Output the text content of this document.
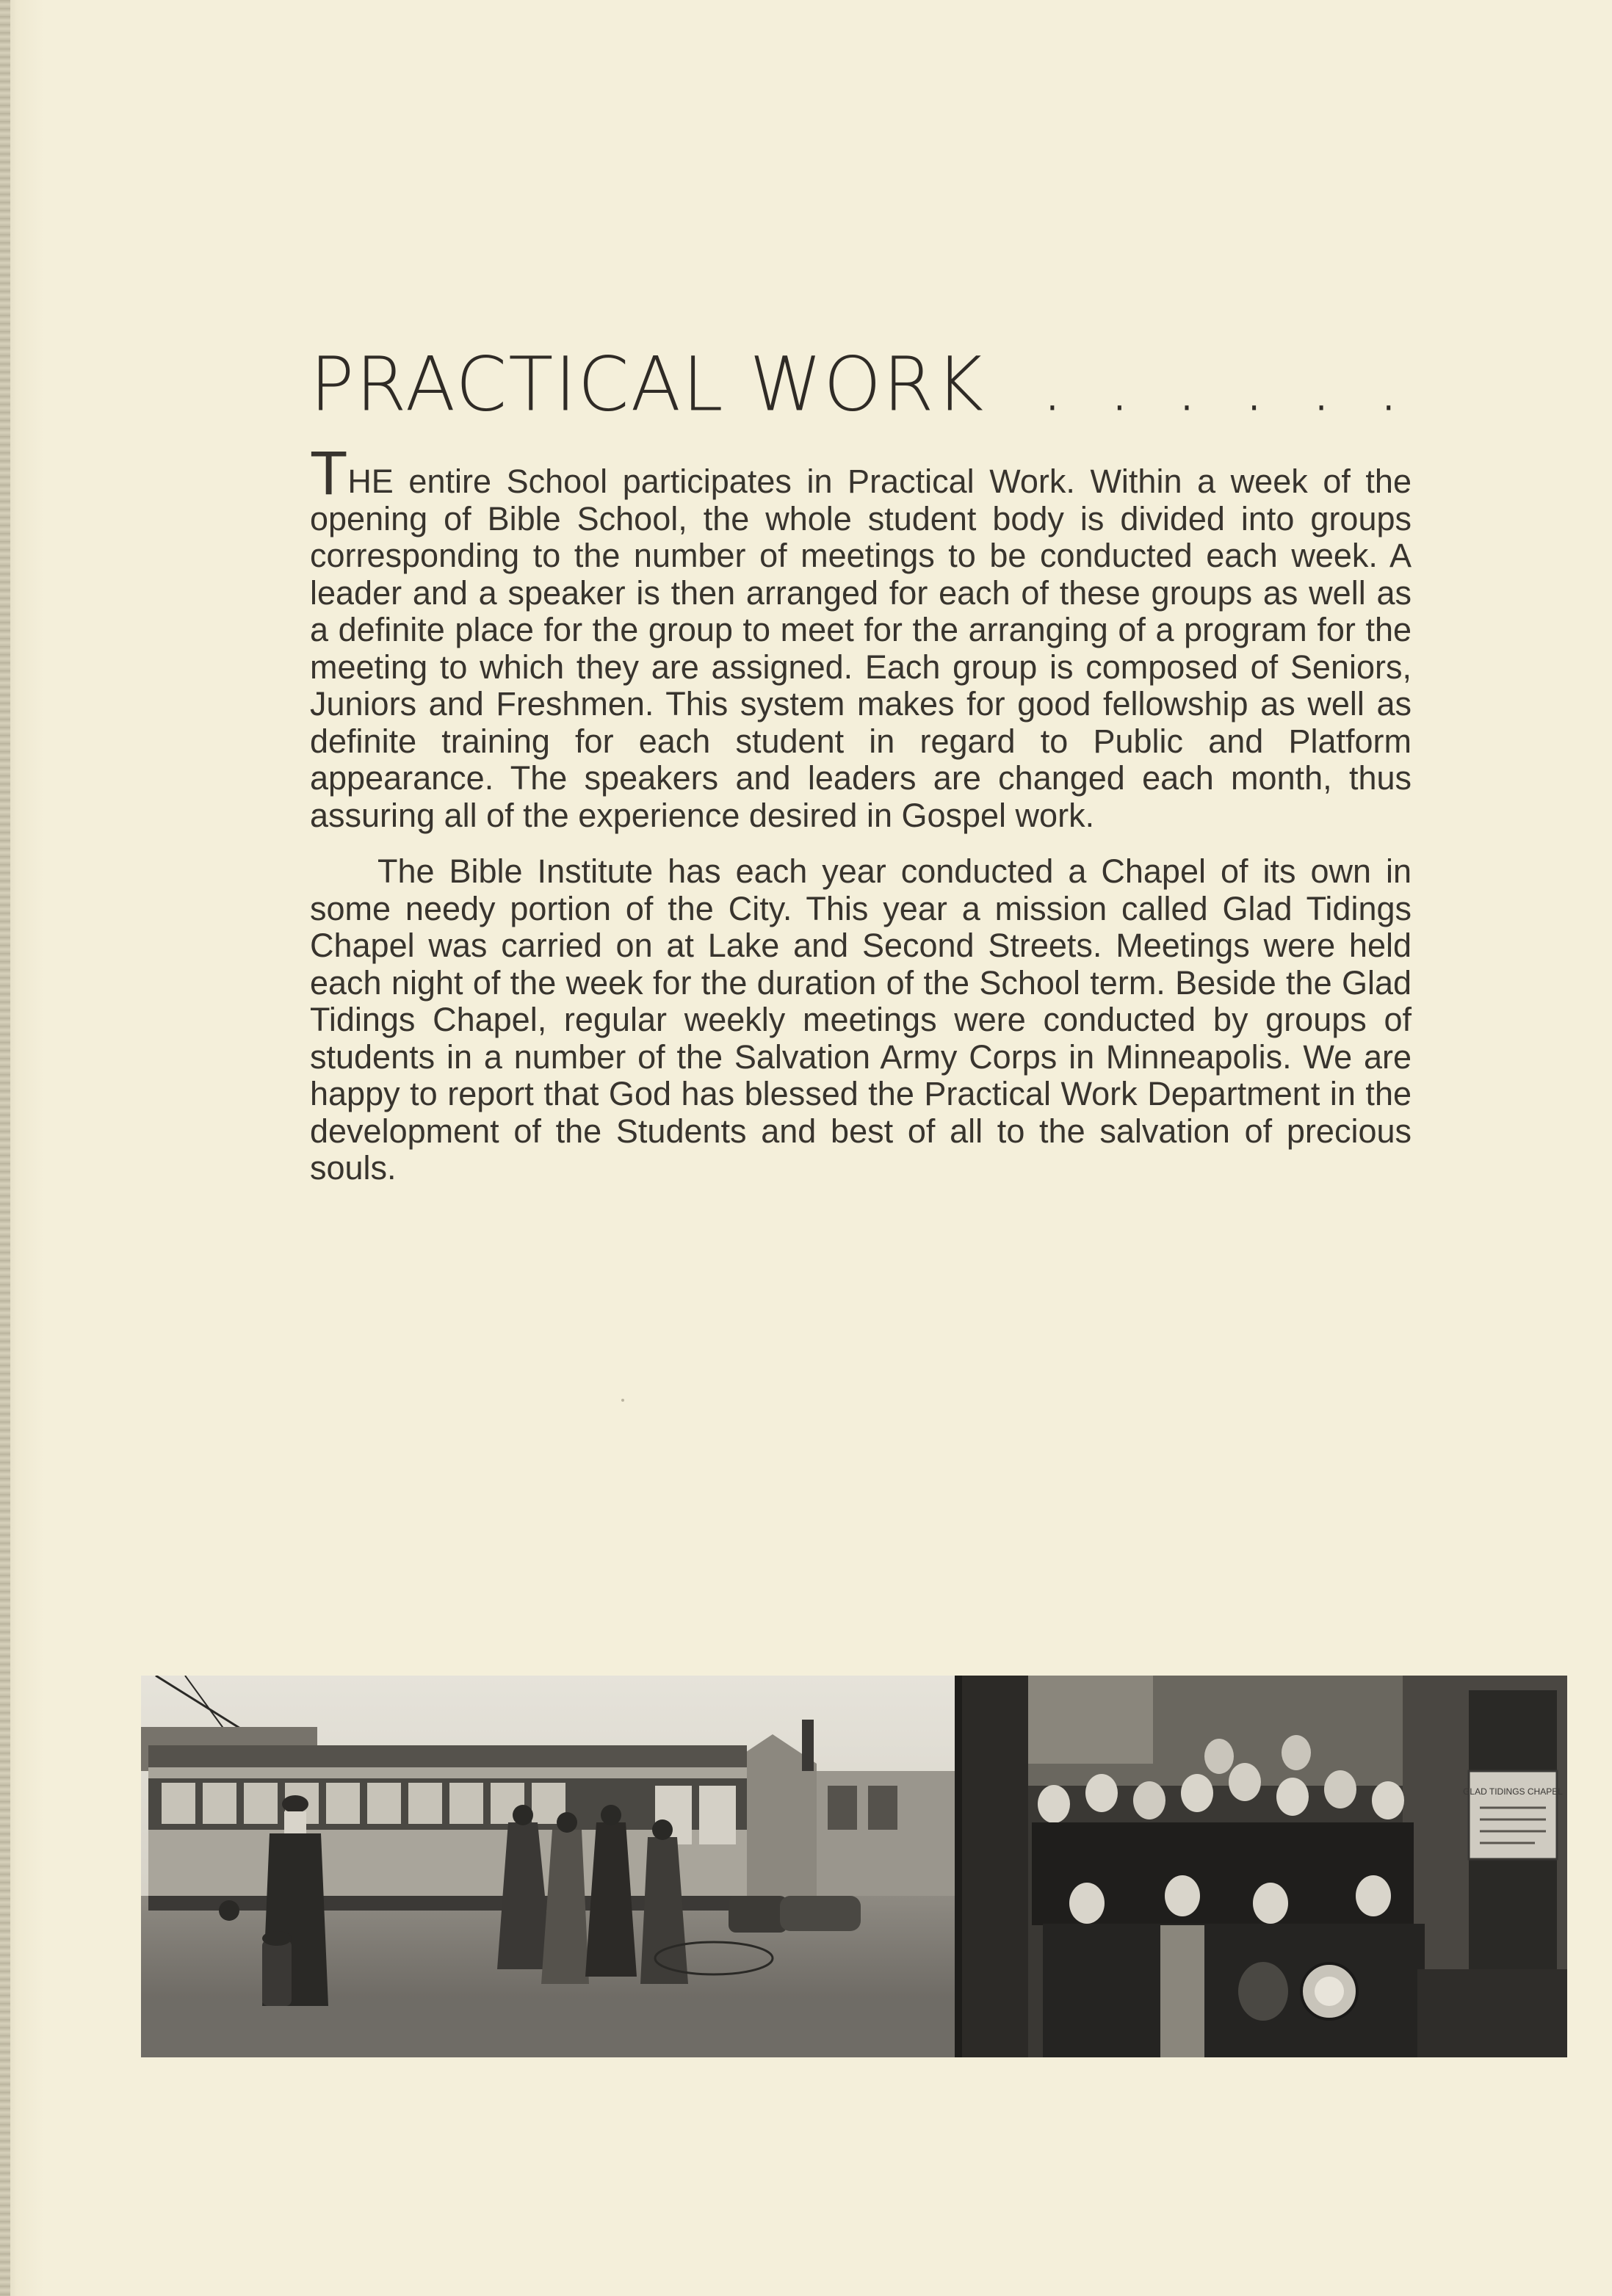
PRACTICAL WORK . . . . . .

THE entire School participates in Practical Work. Within a week of the opening of Bible School, the whole student body is divided into groups corresponding to the number of meetings to be conducted each week. A leader and a speaker is then arranged for each of these groups as well as a definite place for the group to meet for the arranging of a program for the meeting to which they are assigned. Each group is composed of Seniors, Juniors and Freshmen. This system makes for good fellowship as well as definite training for each student in regard to Public and Platform appearance. The speakers and leaders are changed each month, thus assuring all of the experience desired in Gospel work.

The Bible Institute has each year conducted a Chapel of its own in some needy portion of the City. This year a mission called Glad Tidings Chapel was carried on at Lake and Second Streets. Meetings were held each night of the week for the duration of the School term. Beside the Glad Tidings Chapel, regular weekly meetings were conducted by groups of students in a number of the Salvation Army Corps in Minneapolis. We are happy to report that God has blessed the Practical Work Department in the development of the Students and best of all to the salvation of precious souls.

GLAD TIDINGS CHAPEL
